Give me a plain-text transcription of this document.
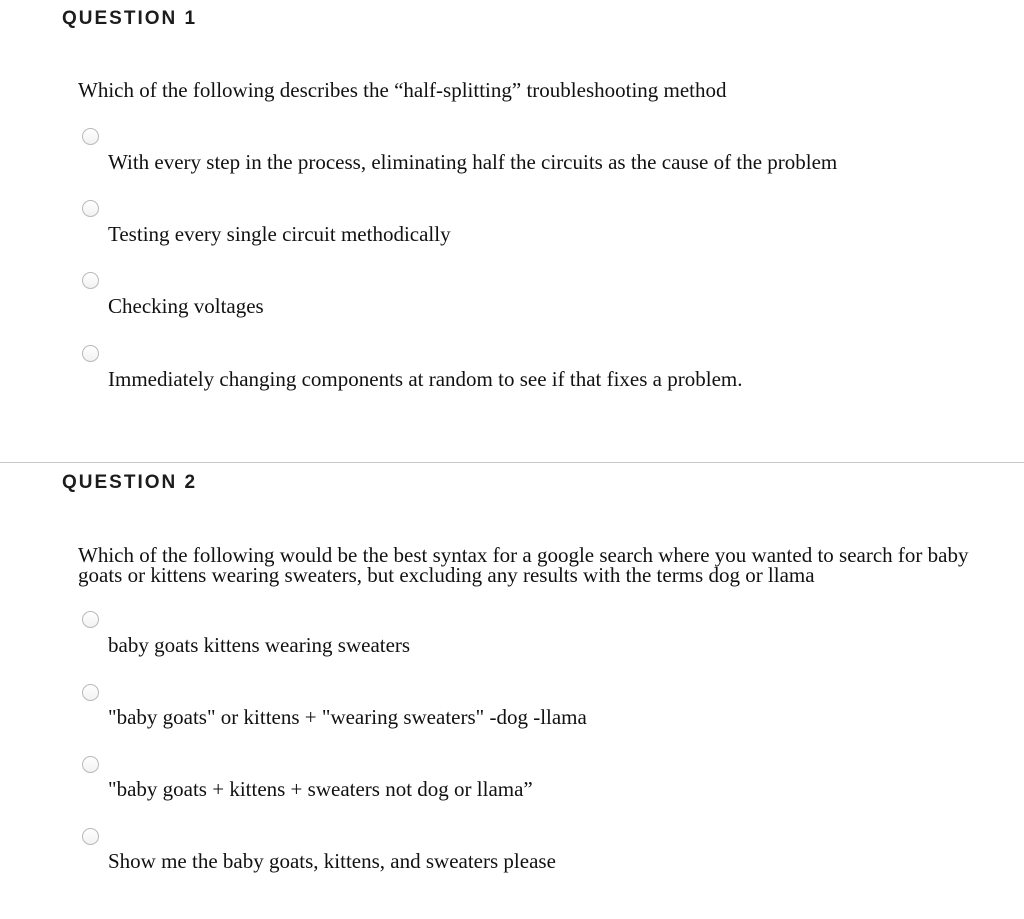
QUESTION 1

Which of the following describes the “half-splitting” troubleshooting method

With every step in the process, eliminating half the circuits as the cause of the problem
Testing every single circuit methodically
Checking voltages
Immediately changing components at random to see if that fixes a problem.
QUESTION 2

Which of the following would be the best syntax for a google search where you wanted to search for baby goats or kittens wearing sweaters, but excluding any results with the terms dog or llama

baby goats kittens wearing sweaters
"baby goats" or kittens + "wearing sweaters" -dog -llama
"baby goats + kittens + sweaters not dog or llama”
Show me the baby goats, kittens, and sweaters please
